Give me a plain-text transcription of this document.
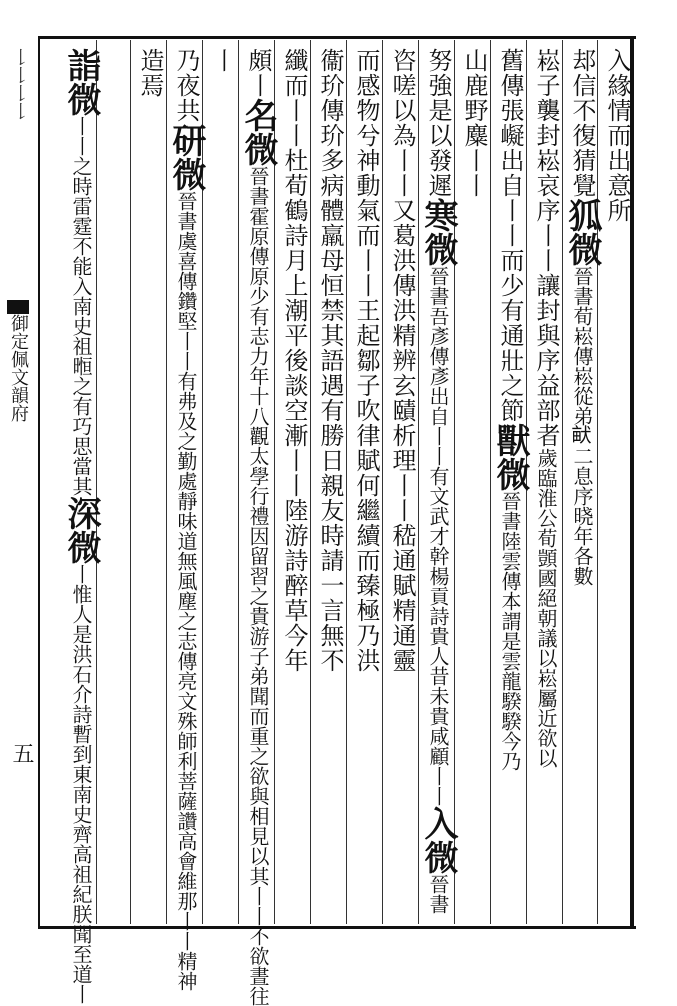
𠄌𠄌𠄌𠄌
御定佩文韻府
五
入緣情而出意所
𨚫信不復猜覺狐微晉書荀崧傳崧從弟𤱶二息序𣇈年各數
崧子襲封崧哀序丨丨讓封與序益部者歲臨淮公荀顗國絕朝議以崧屬近欲以
舊傳張㠜出自丨丨而少有通壯之節獸微晉書陸雲傳本謂是雲龍騤騤今乃
山鹿野麋丨丨
努強是以發遲寒微晉書吾彥傳彥出自丨丨有文武才幹楊貢詩貴人昔未貴咸顧丨丨入微晉書
咨嗟以為丨丨又葛洪傳洪精辨玄賾析理丨丨嵇通賦精通靈
而感物兮神動氣而丨丨王起鄒子吹律賦何繼續而臻極乃洪
衞玠傳玠多病體羸母恒禁其語遇有勝日親友時請一言無不
纖而丨丨杜荀鶴詩月上潮平後談空漸丨丨陸游詩醉草今年
頗丨名微晉書霍原傳原少有志力年十八觀太學行禮因留習之貴游子弟聞而重之欲與相見以其丨丨不欲晝往
丨
乃夜共研微晉書虞喜傳鑽堅丨丨有弗及之勤處靜味道無風塵之志傳亮文殊師利菩薩讚高會維那丨丨精神
造焉
詣微丨丨之時雷霆不能入南史祖暅之有巧思當其深微丨惟人是洪石介詩暫到東南史齊高祖紀朕聞至道丨
